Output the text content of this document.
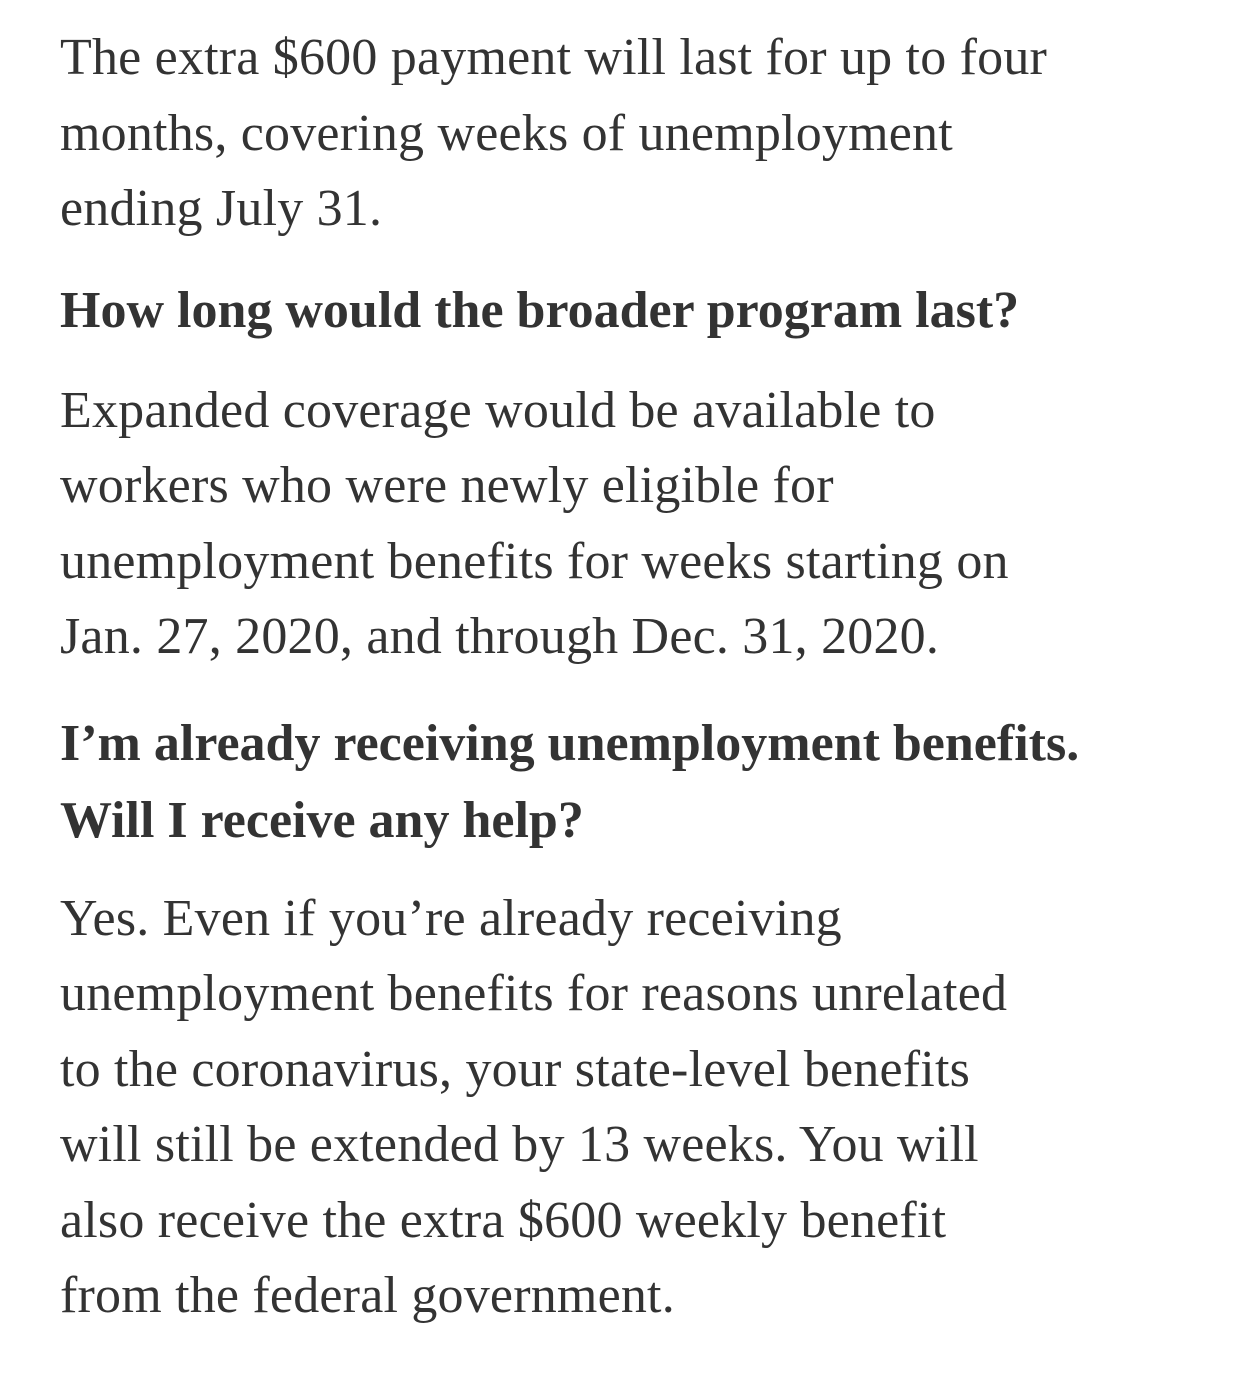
The extra $600 payment will last for up to four
months, covering weeks of unemployment
ending July 31.

How long would the broader program last?

Expanded coverage would be available to
workers who were newly eligible for
unemployment benefits for weeks starting on
Jan. 27, 2020, and through Dec. 31, 2020.

I’m already receiving unemployment benefits.
Will I receive any help?

Yes. Even if you’re already receiving
unemployment benefits for reasons unrelated
to the coronavirus, your state-level benefits
will still be extended by 13 weeks. You will
also receive the extra $600 weekly benefit
from the federal government.
